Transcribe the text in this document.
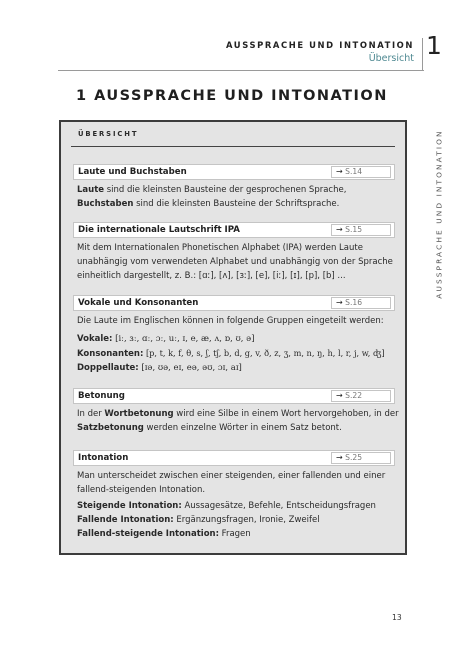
AUSSPRACHE UND INTONATION
Übersicht 1
AUSSPRACHE UND INTONATION
1 AUSSPRACHE UND INTONATION
ÜBERSICHT
Laute und Buchstaben	→ S.14
Laute sind die kleinsten Bausteine der gesprochenen Sprache,
Buchstaben sind die kleinsten Bausteine der Schriftsprache.
Die internationale Lautschrift IPA	→ S.15
Mit dem Internationalen Phonetischen Alphabet (IPA) werden Laute
unabhängig vom verwendeten Alphabet und unabhängig von der Sprache
einheitlich dargestellt, z. B.: [ɑː], [ʌ], [ɜː], [e], [iː], [ɪ], [p], [b] ...
Vokale und Konsonanten	→ S.16
Die Laute im Englischen können in folgende Gruppen eingeteilt werden:
Vokale: [iː, ɜː, ɑː, ɔː, uː, ɪ, e, æ, ʌ, ɒ, ʊ, ə]
Konsonanten: [p, t, k, f, θ, s, ʃ, tʃ, b, d, g, v, ð, z, ʒ, m, n, ŋ, h, l, r, j, w, ʤ]
Doppellaute: [ɪə, ʊə, eɪ, eə, əʊ, ɔɪ, aɪ]
Betonung	→ S.22
In der Wortbetonung wird eine Silbe in einem Wort hervorgehoben, in der
Satzbetonung werden einzelne Wörter in einem Satz betont.
Intonation	→ S.25
Man unterscheidet zwischen einer steigenden, einer fallenden und einer
fallend-steigenden Intonation.
Steigende Intonation: Aussagesätze, Befehle, Entscheidungsfragen
Fallende Intonation: Ergänzungsfragen, Ironie, Zweifel
Fallend-steigende Intonation: Fragen
13
